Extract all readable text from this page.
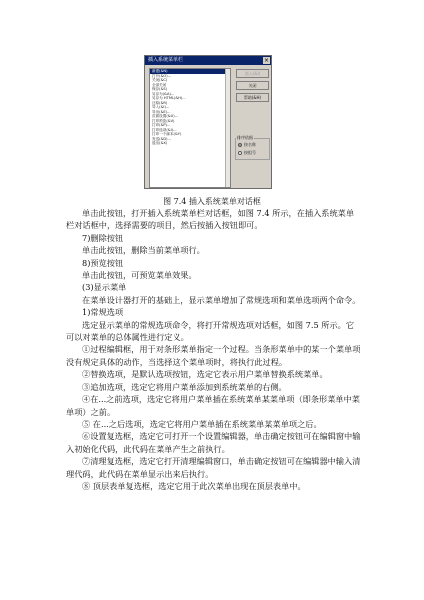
插入系统菜单栏	×
新建(&N)
打开(&O)...
关闭(&C)
全部关闭
保存(&S)
另存为(&A)...
另存为 HTML(&H)...
还原(&R)
导入(&I)...
导出(&E)...
页面设置(&U)...
打印预览(&V)
打印(&P)...
打印选项(&I)...
打印一个副本(&Y)
发送(&D)...
退出(&X)
插入(&I)
关闭
帮助(&H)
排序依据
按名称
按组号
图 7.4 插入系统菜单对话框

单击此按钮，打开插入系统菜单栏对话框，如图 7.4 所示，在插入系统菜单栏对话框中，选择需要的项目，然后按插入按钮即可。

7)删除按钮

单击此按钮，删除当前菜单项行。

8)预览按钮

单击此按钮，可预览菜单效果。

(3)显示菜单

在菜单设计器打开的基础上，显示菜单增加了常规选项和菜单选项两个命令。

1)常规选项

选定显示菜单的常规选项命令，将打开常规选项对话框，如图 7.5 所示。它可以对菜单的总体属性进行定义。

①过程编辑框，用于对条形菜单指定一个过程。当条形菜单中的某一个菜单项没有规定具体的动作，当选择这个菜单项时，将执行此过程。

②替换选项，是默认选项按钮，选定它表示用户菜单替换系统菜单。

③追加选项，选定它将用户菜单添加到系统菜单的右侧。

④在...之前选项，选定它将用户菜单插在系统菜单某菜单项（即条形菜单中菜单项）之前。

⑤ 在...之后选项，选定它将用户菜单插在系统菜单某菜单项之后。

⑥设置复选框，选定它可打开一个设置编辑器，单击确定按钮可在编辑窗中输入初始化代码，此代码在菜单产生之前执行。

⑦清理复选框，选定它打开清理编辑窗口，单击确定按钮可在编辑器中输入清理代码，此代码在菜单显示出来后执行。

⑧ 顶层表单复选框，选定它用于此次菜单出现在顶层表单中。
